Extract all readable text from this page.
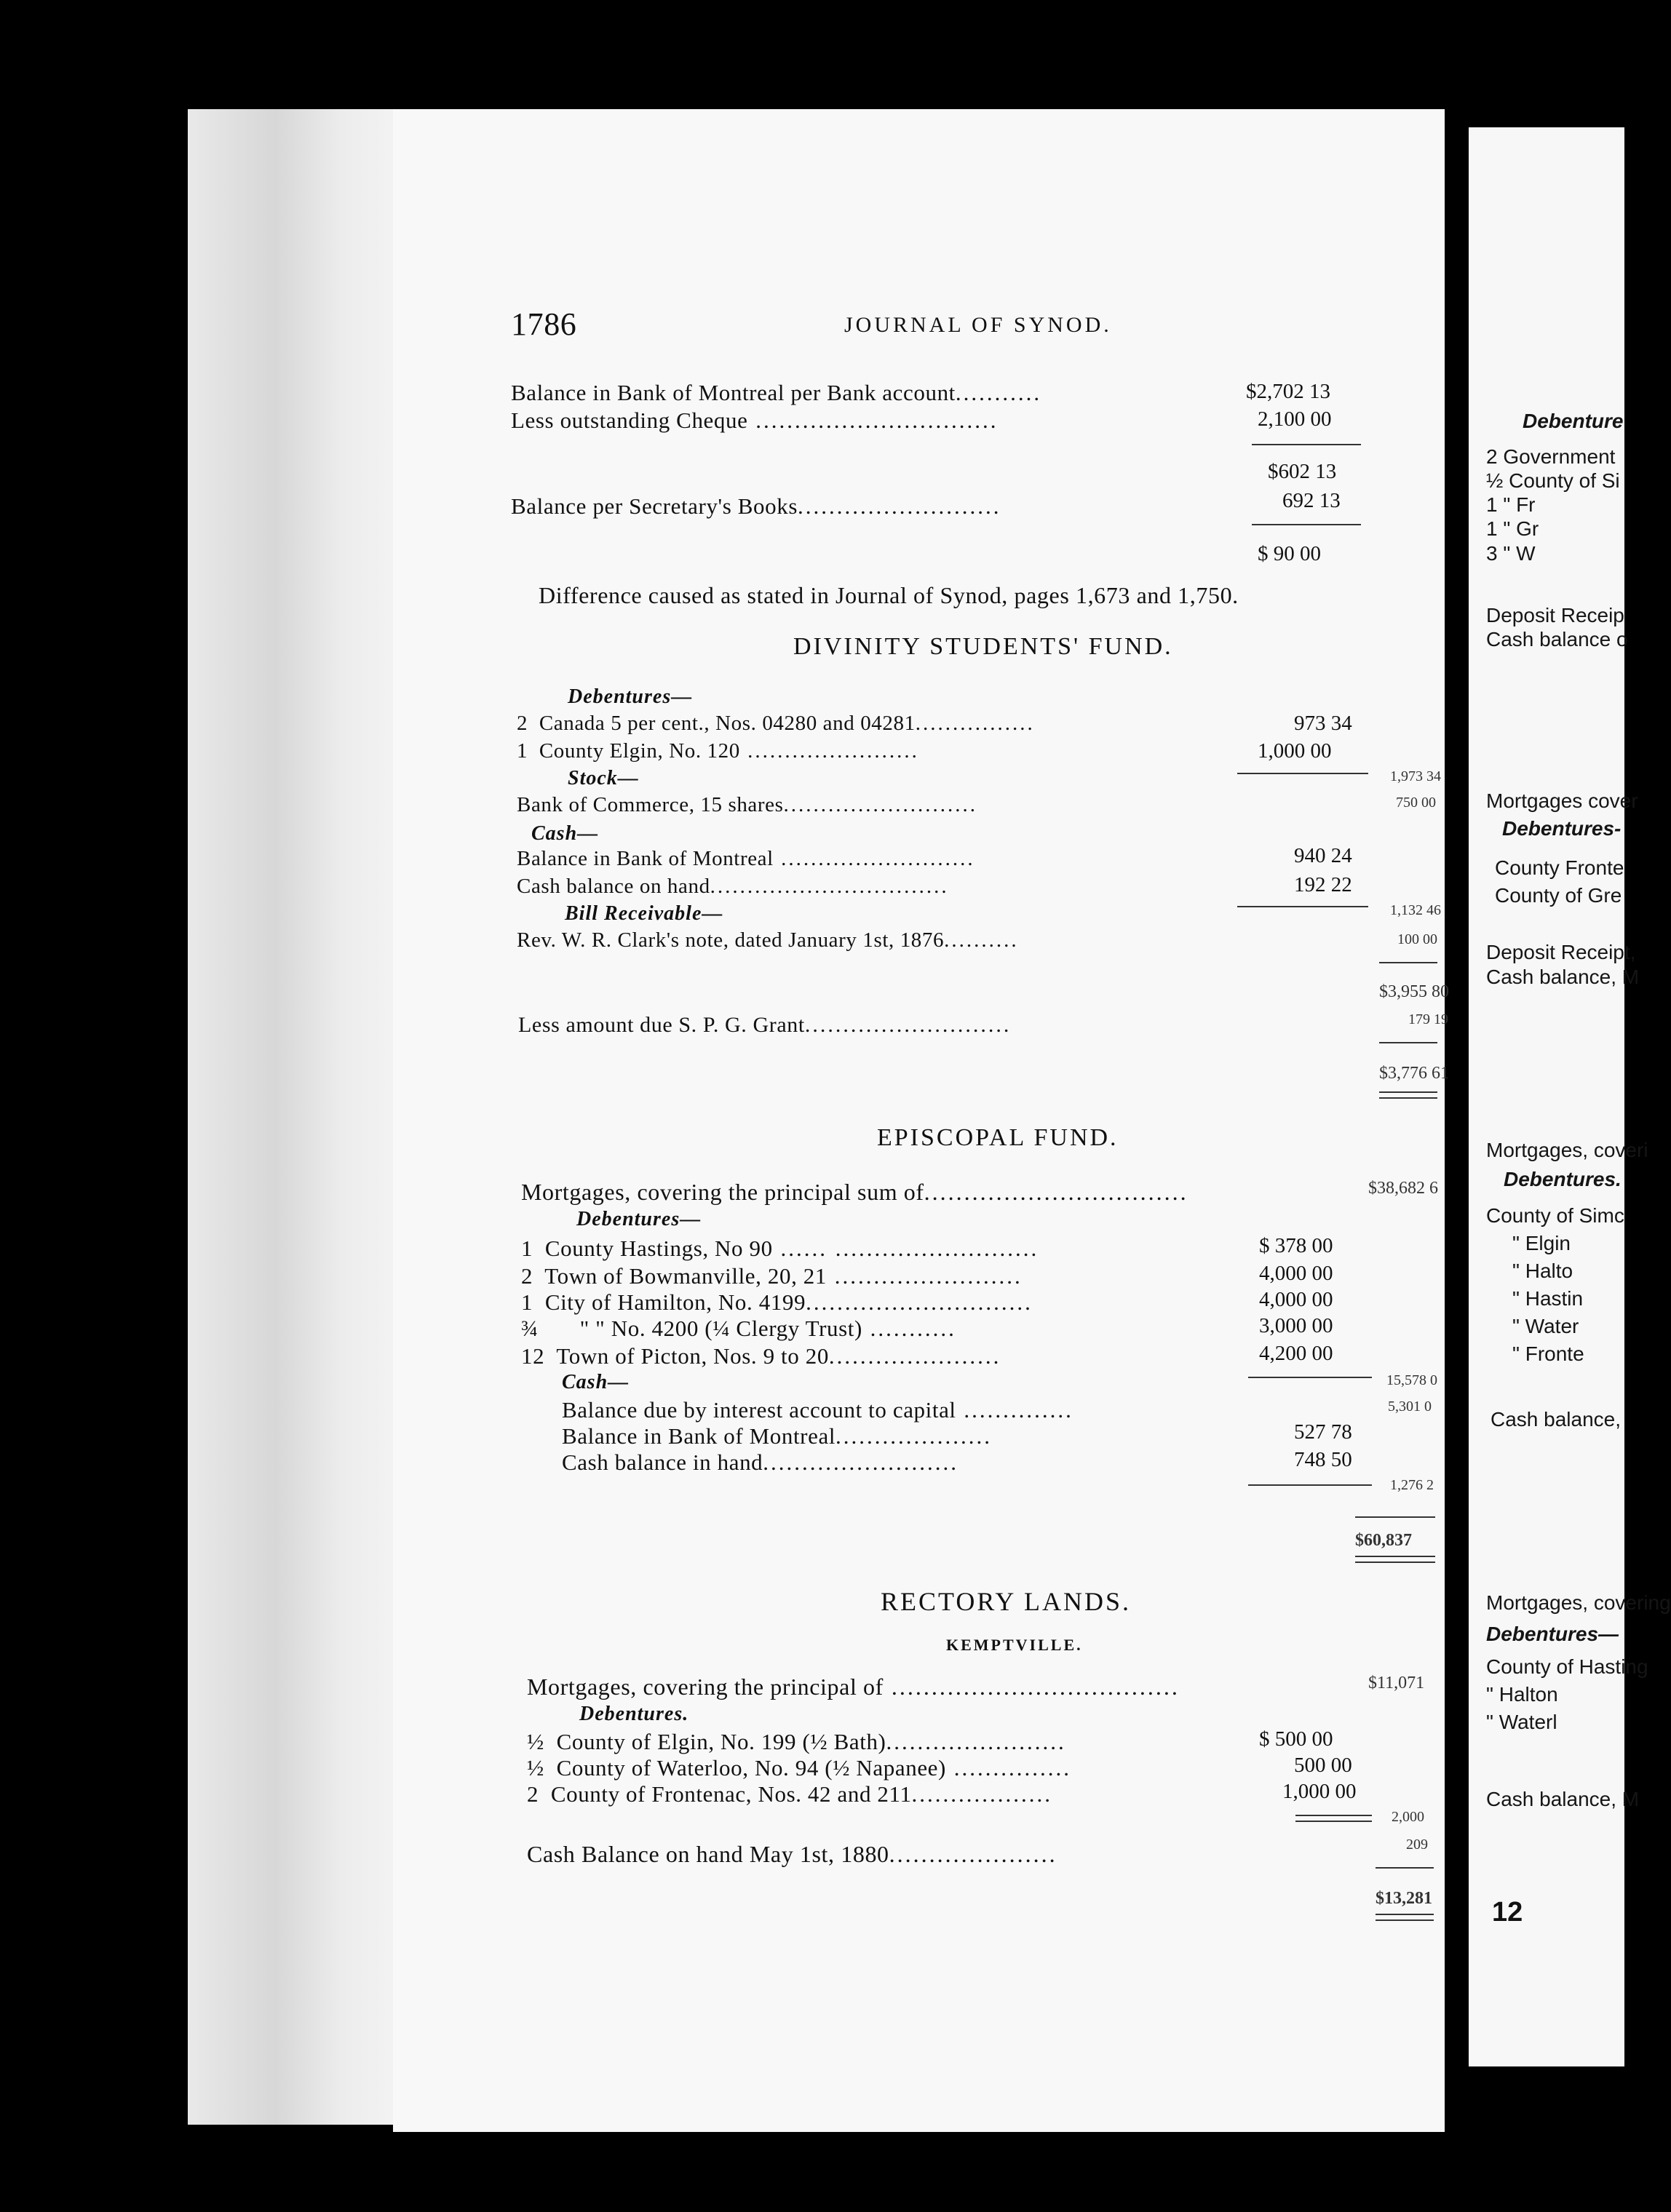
1786	JOURNAL OF SYNOD.
Balance in Bank of Montreal per Bank account...........	$2,702 13
Less outstanding Cheque ...............................	2,100 00
$602 13
Balance per Secretary's Books..........................	692 13
$ 90 00
Difference caused as stated in Journal of Synod, pages 1,673 and 1,750.
DIVINITY STUDENTS' FUND.
Debentures—
2 Canada 5 per cent., Nos. 04280 and 04281................	973 34
1 County Elgin, No. 120 .......................	1,000 00
1,973 34
Stock—
Bank of Commerce, 15 shares..........................	750 00
Cash—
Balance in Bank of Montreal ..........................	940 24
Cash balance on hand................................	192 22
1,132 46
Bill Receivable—
Rev. W. R. Clark's note, dated January 1st, 1876..........	100 00
$3,955 80
Less amount due S. P. G. Grant...........................	179 19
$3,776 61
EPISCOPAL FUND.
Mortgages, covering the principal sum of.................................	$38,682 6
Debentures—
1 County Hastings, No 90 ...... ..........................	$ 378 00
2 Town of Bowmanville, 20, 21 ........................	4,000 00
1 City of Hamilton, No. 4199.............................	4,000 00
¾ " " No. 4200 (¼ Clergy Trust) ...........	3,000 00
12 Town of Picton, Nos. 9 to 20......................	4,200 00
15,578 0
Cash—
Balance due by interest account to capital ..............	5,301 0
Balance in Bank of Montreal....................	527 78
Cash balance in hand.........................	748 50
1,276 2
$60,837
RECTORY LANDS.
KEMPTVILLE.
Mortgages, covering the principal of ....................................	$11,071
Debentures.
½ County of Elgin, No. 199 (½ Bath).......................	$ 500 00
½ County of Waterloo, No. 94 (½ Napanee) ...............	500 00
2 County of Frontenac, Nos. 42 and 211..................	1,000 00
2,000
Cash Balance on hand May 1st, 1880.....................	209
$13,281
Debenture
2 Government
½ County of Si
1 " Fr
1 " Gr
3 " W
Deposit Receip
Cash balance o
Mortgages cover
Debentures-
County Fronte
County of Gre
Deposit Receipt,
Cash balance, M
Mortgages, coveri
Debentures.
County of Simc
" Elgin
" Halto
" Hastin
" Water
" Fronte
Cash balance,
Mortgages, covering
Debentures—
County of Hasting
" Halton
" Waterl
Cash balance, M
12
